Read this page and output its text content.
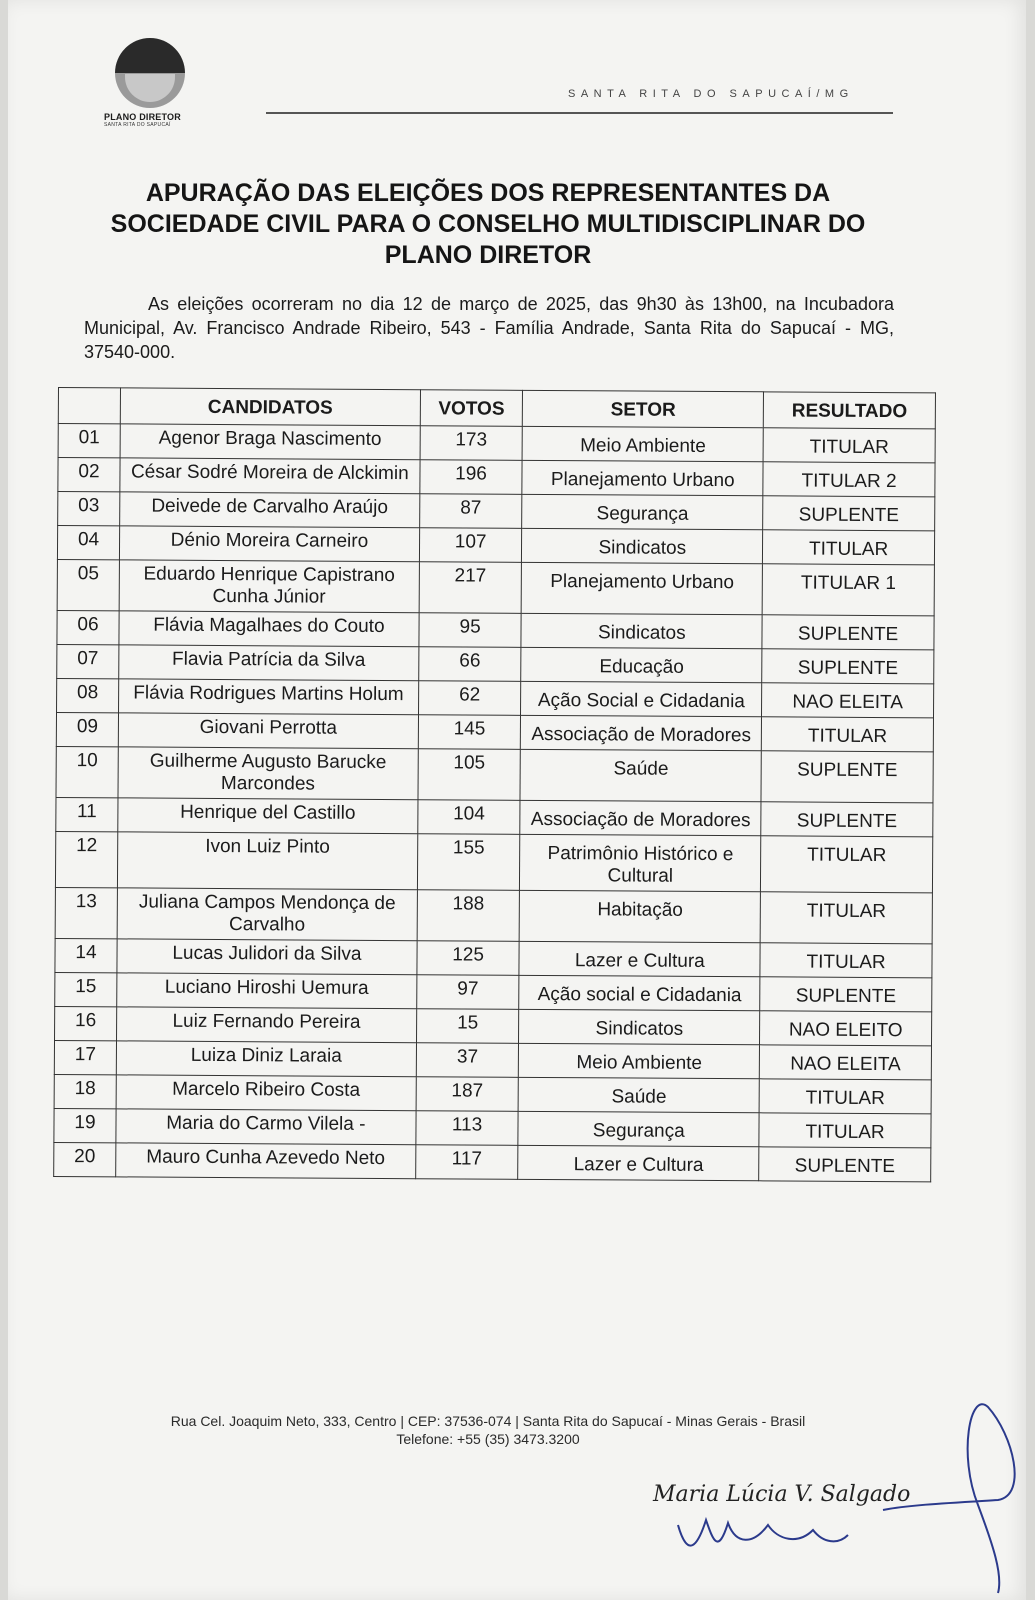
PLANO DIRETOR
SANTA RITA DO SAPUCAÍ
SANTA RITA DO SAPUCAÍ/MG
APURAÇÃO DAS ELEIÇÕES DOS REPRESENTANTES DA SOCIEDADE CIVIL PARA O CONSELHO MULTIDISCIPLINAR DO PLANO DIRETOR
As eleições ocorreram no dia 12 de março de 2025, das 9h30 às 13h00, na Incubadora Municipal, Av. Francisco Andrade Ribeiro, 543 - Família Andrade, Santa Rita do Sapucaí - MG, 37540-000.
	CANDIDATOS	VOTOS	SETOR	RESULTADO
01	Agenor Braga Nascimento	173	Meio Ambiente	TITULAR
02	César Sodré Moreira de Alckimin	196	Planejamento Urbano	TITULAR 2
03	Deivede de Carvalho Araújo	87	Segurança	SUPLENTE
04	Dénio Moreira Carneiro	107	Sindicatos	TITULAR
05	Eduardo Henrique Capistrano Cunha Júnior	217	Planejamento Urbano	TITULAR 1
06	Flávia Magalhaes do Couto	95	Sindicatos	SUPLENTE
07	Flavia Patrícia da Silva	66	Educação	SUPLENTE
08	Flávia Rodrigues Martins Holum	62	Ação Social e Cidadania	NAO ELEITA
09	Giovani Perrotta	145	Associação de Moradores	TITULAR
10	Guilherme Augusto Barucke Marcondes	105	Saúde	SUPLENTE
11	Henrique del Castillo	104	Associação de Moradores	SUPLENTE
12	Ivon Luiz Pinto	155	Patrimônio Histórico e Cultural	TITULAR
13	Juliana Campos Mendonça de Carvalho	188	Habitação	TITULAR
14	Lucas Julidori da Silva	125	Lazer e Cultura	TITULAR
15	Luciano Hiroshi Uemura	97	Ação social e Cidadania	SUPLENTE
16	Luiz Fernando Pereira	15	Sindicatos	NAO ELEITO
17	Luiza Diniz Laraia	37	Meio Ambiente	NAO ELEITA
18	Marcelo Ribeiro Costa	187	Saúde	TITULAR
19	Maria do Carmo Vilela -	113	Segurança	TITULAR
20	Mauro Cunha Azevedo Neto	117	Lazer e Cultura	SUPLENTE
Rua Cel. Joaquim Neto, 333, Centro | CEP: 37536-074 | Santa Rita do Sapucaí - Minas Gerais - Brasil
Telefone: +55 (35) 3473.3200
Maria Lúcia V. Salgado
